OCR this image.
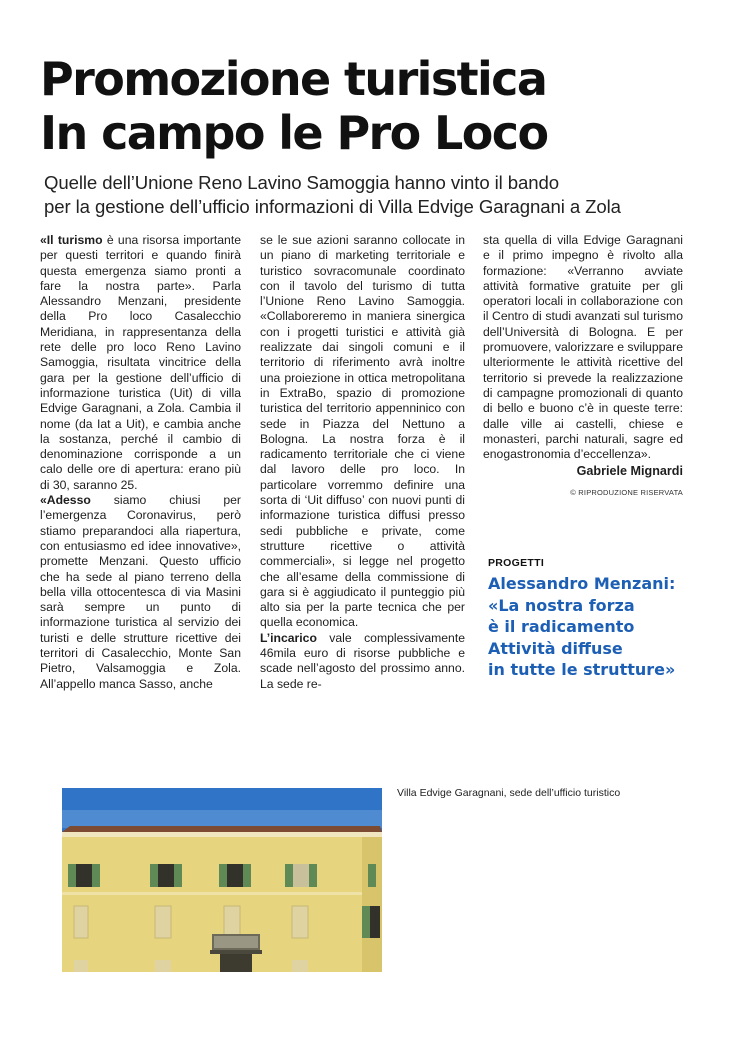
Promozione turistica
In campo le Pro Loco
Quelle dell’Unione Reno Lavino Samoggia hanno vinto il bando
per la gestione dell’ufficio informazioni di Villa Edvige Garagnani a Zola

«Il turismo è una risorsa importante per questi territori e quando finirà questa emergenza siamo pronti a fare la nostra parte». Parla Alessandro Menzani, presidente della Pro loco Casalecchio Meridiana, in rappresentanza della rete delle pro loco Reno Lavino Samoggia, risultata vincitrice della gara per la gestione dell’ufficio di informazione turistica (Uit) di villa Edvige Garagnani, a Zola. Cambia il nome (da Iat a Uit), e cambia anche la sostanza, perché il cambio di denominazione corrisponde a un calo delle ore di apertura: erano più di 30, saranno 25.

«Adesso siamo chiusi per l’emergenza Coronavirus, però stiamo preparandoci alla riapertura, con entusiasmo ed idee innovative», promette Menzani. Questo ufficio che ha sede al piano terreno della bella villa ottocentesca di via Masini sarà sempre un punto di informazione turistica al servizio dei turisti e delle strutture ricettive dei territori di Casalecchio, Monte San Pietro, Valsamoggia e Zola. All’appello manca Sasso, anche

se le sue azioni saranno collocate in un piano di marketing territoriale e turistico sovracomunale coordinato con il tavolo del turismo di tutta l’Unione Reno Lavino Samoggia. «Collaboreremo in maniera sinergica con i progetti turistici e attività già realizzate dai singoli comuni e il territorio di riferimento avrà inoltre una proiezione in ottica metropolitana in ExtraBo, spazio di promozione turistica del territorio appenninico con sede in Piazza del Nettuno a Bologna. La nostra forza è il radicamento territoriale che ci viene dal lavoro delle pro loco. In particolare vorremmo definire una sorta di ‘Uit diffuso’ con nuovi punti di informazione turistica diffusi presso sedi pubbliche e private, come strutture ricettive o attività commerciali», si legge nel progetto che all’esame della commissione di gara si è aggiudicato il punteggio più alto sia per la parte tecnica che per quella economica.

L’incarico vale complessivamente 46mila euro di risorse pubbliche e scade nell’agosto del prossimo anno. La sede re-

sta quella di villa Edvige Garagnani e il primo impegno è rivolto alla formazione: «Verranno avviate attività formative gratuite per gli operatori locali in collaborazione con il Centro di studi avanzati sul turismo dell’Università di Bologna. E per promuovere, valorizzare e sviluppare ulteriormente le attività ricettive del territorio si prevede la realizzazione di campagne promozionali di quanto di bello e buono c’è in queste terre: dalle ville ai castelli, chiese e monasteri, parchi naturali, sagre ed enogastronomia d’eccellenza».

Gabriele Mignardi

© RIPRODUZIONE RISERVATA

PROGETTI
Alessandro Menzani:
«La nostra forza
è il radicamento
Attività diffuse
in tutte le strutture»
Villa Edvige Garagnani, sede dell’ufficio turistico
